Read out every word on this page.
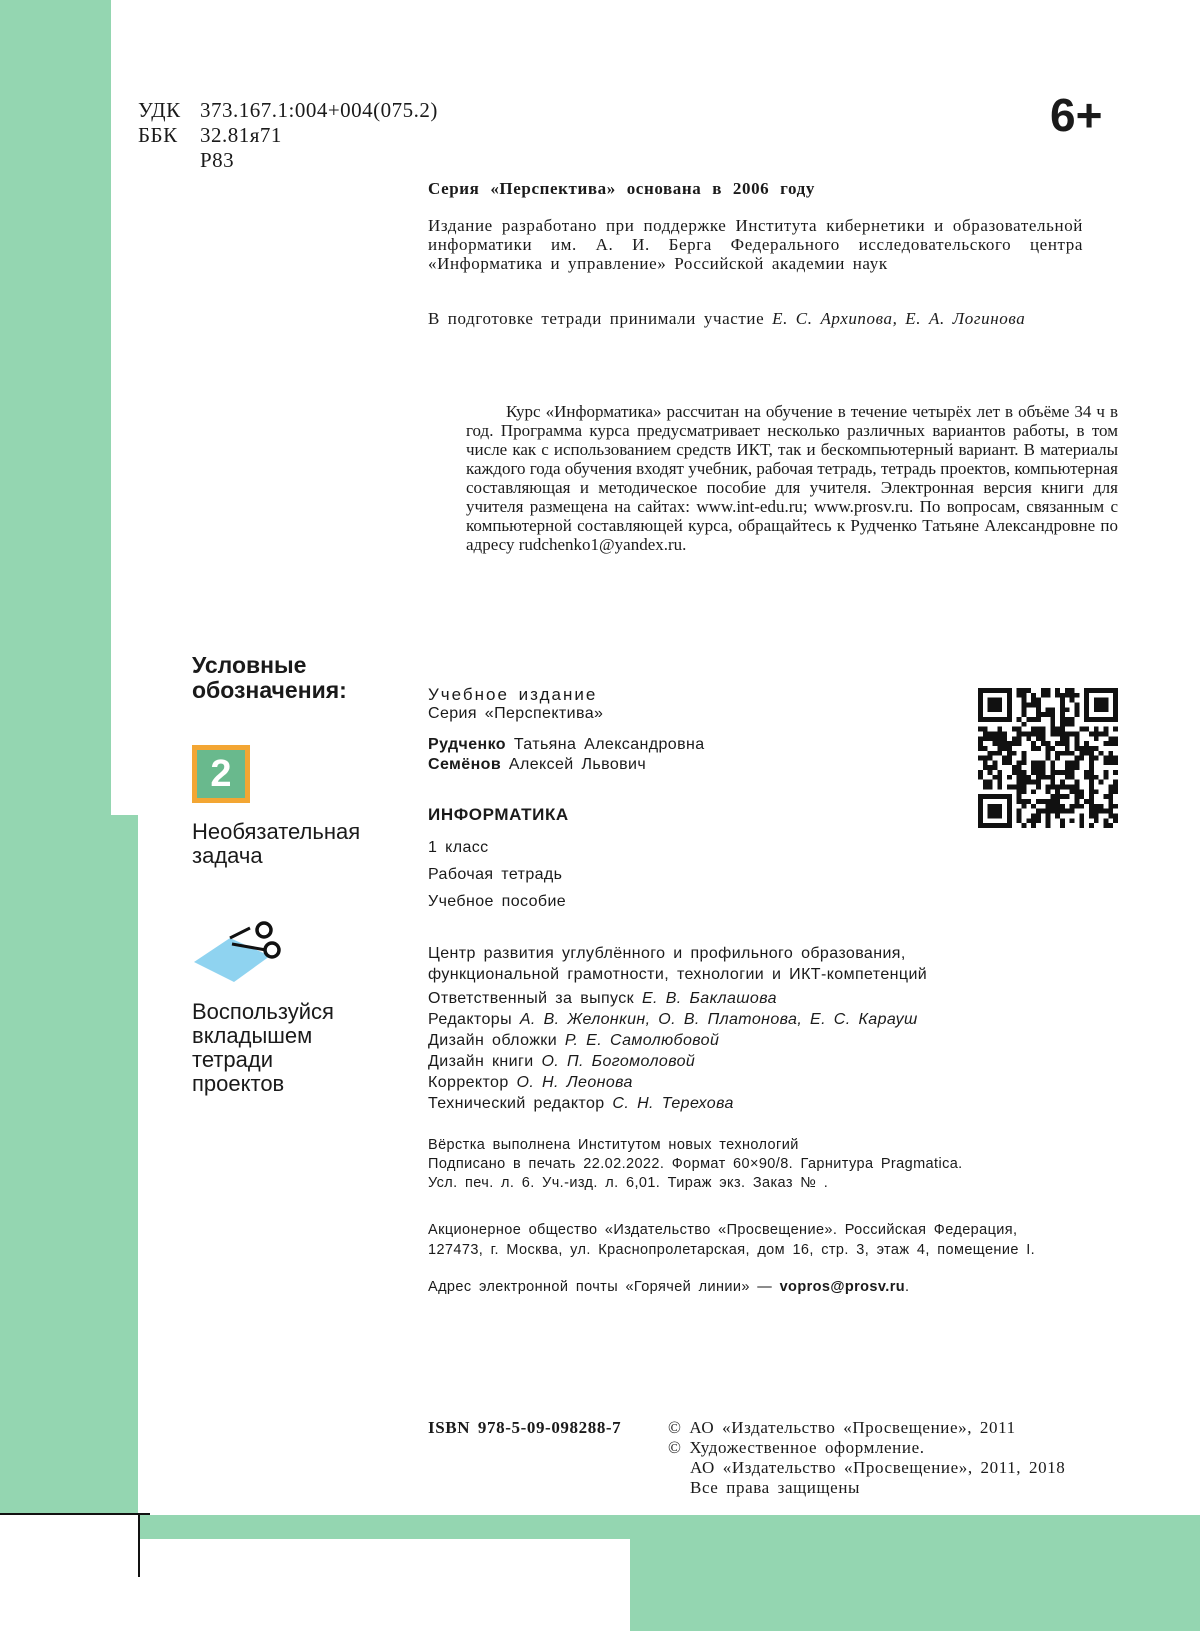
УДК 373.167.1:004+004(075.2)
ББК 32.81я71
Р83
6+
Серия «Перспектива» основана в 2006 году
Издание разработано при поддержке Института кибернетики и образовательной информатики им. А. И. Берга Федерального исследовательского центра «Информатика и управление» Российской академии наук
В подготовке тетради принимали участие Е. С. Архипова, Е. А. Логинова

Курс «Информатика» рассчитан на обучение в течение четырёх лет в объёме 34 ч в год. Программа курса предусматривает несколько различных вариантов работы, в том числе как с использованием средств ИКТ, так и бескомпьютерный вариант. В материалы каждого года обучения входят учебник, рабочая тетрадь, тетрадь проектов, компьютерная составляющая и методическое пособие для учителя. Электронная версия книги для учителя размещена на сайтах: www.int-edu.ru; www.prosv.ru. По вопросам, связанным с компьютерной составляющей курса, обращайтесь к Рудченко Татьяне Александровне по адресу rudchenko1@yandex.ru.

Условные
обозначения:
2
Необязательная
задача
Воспользуйся
вкладышем
тетради
проектов
Учебное издание
Серия «Перспектива»
Рудченко Татьяна Александровна
Семёнов Алексей Львович
ИНФОРМАТИКА
1 класс
Рабочая тетрадь
Учебное пособие
Центр развития углублённого и профильного образования,
функциональной грамотности, технологии и ИКТ-компетенций
Ответственный за выпуск Е. В. Баклашова
Редакторы А. В. Желонкин, О. В. Платонова, Е. С. Карауш
Дизайн обложки Р. Е. Самолюбовой
Дизайн книги О. П. Богомоловой
Корректор О. Н. Леонова
Технический редактор С. Н. Терехова
Вёрстка выполнена Институтом новых технологий
Подписано в печать 22.02.2022. Формат 60×90/8. Гарнитура Pragmatica.
Усл. печ. л. 6. Уч.-изд. л. 6,01. Тираж экз. Заказ № .
Акционерное общество «Издательство «Просвещение». Российская Федерация,
127473, г. Москва, ул. Краснопролетарская, дом 16, стр. 3, этаж 4, помещение I.
Адрес электронной почты «Горячей линии» — vopros@prosv.ru.
ISBN 978-5-09-098288-7	© АО «Издательство «Просвещение», 2011
© Художественное оформление.
АО «Издательство «Просвещение», 2011, 2018
Все права защищены
